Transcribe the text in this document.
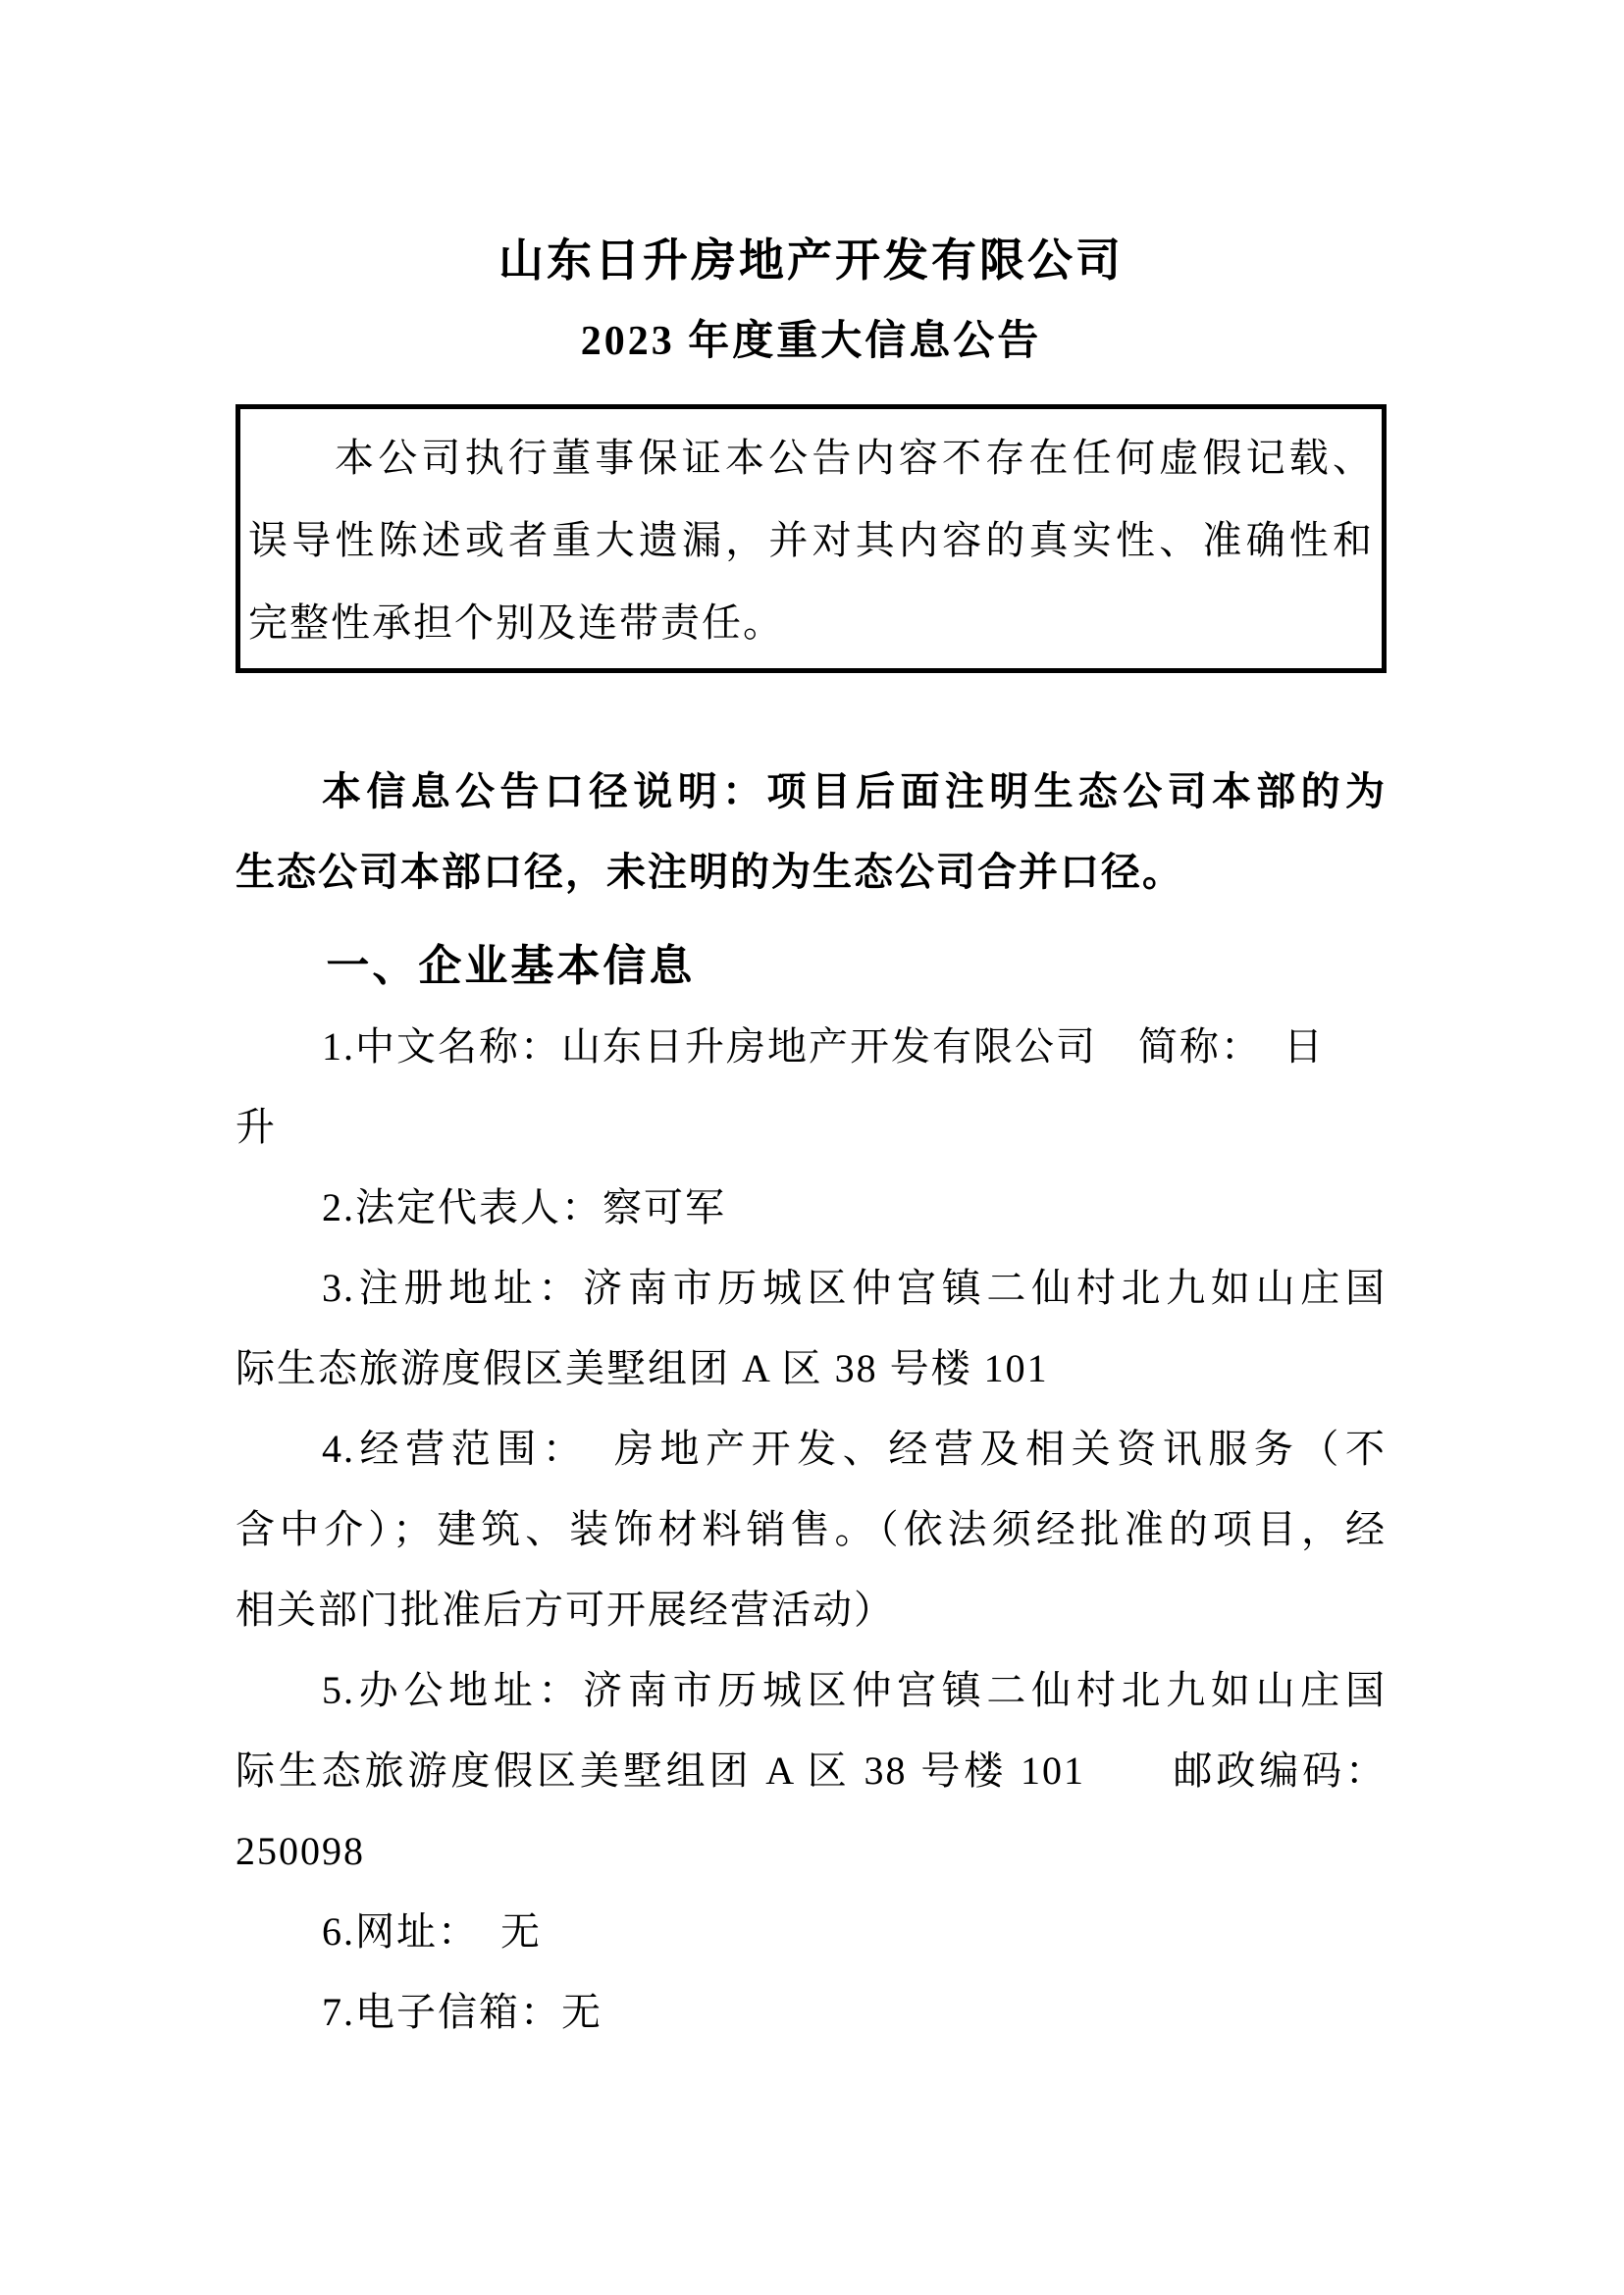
山东日升房地产开发有限公司
2023 年度重大信息公告

本公司执行董事保证本公告内容不存在任何虚假记载、

误导性陈述或者重大遗漏，并对其内容的真实性、准确性和

完整性承担个别及连带责任。

本信息公告口径说明：项目后面注明生态公司本部的为

生态公司本部口径，未注明的为生态公司合并口径。

一、企业基本信息

1.中文名称：山东日升房地产开发有限公司　简称：　日

升

2.法定代表人：察可军

3.注册地址：济南市历城区仲宫镇二仙村北九如山庄国

际生态旅游度假区美墅组团 A 区 38 号楼 101

4.经营范围：　房地产开发、经营及相关资讯服务（不

含中介）；建筑、装饰材料销售。（依法须经批准的项目，经

相关部门批准后方可开展经营活动）

5.办公地址：济南市历城区仲宫镇二仙村北九如山庄国

际生态旅游度假区美墅组团 A 区 38 号楼 101　　邮政编码：

250098

6.网址：　无

7.电子信箱：无
